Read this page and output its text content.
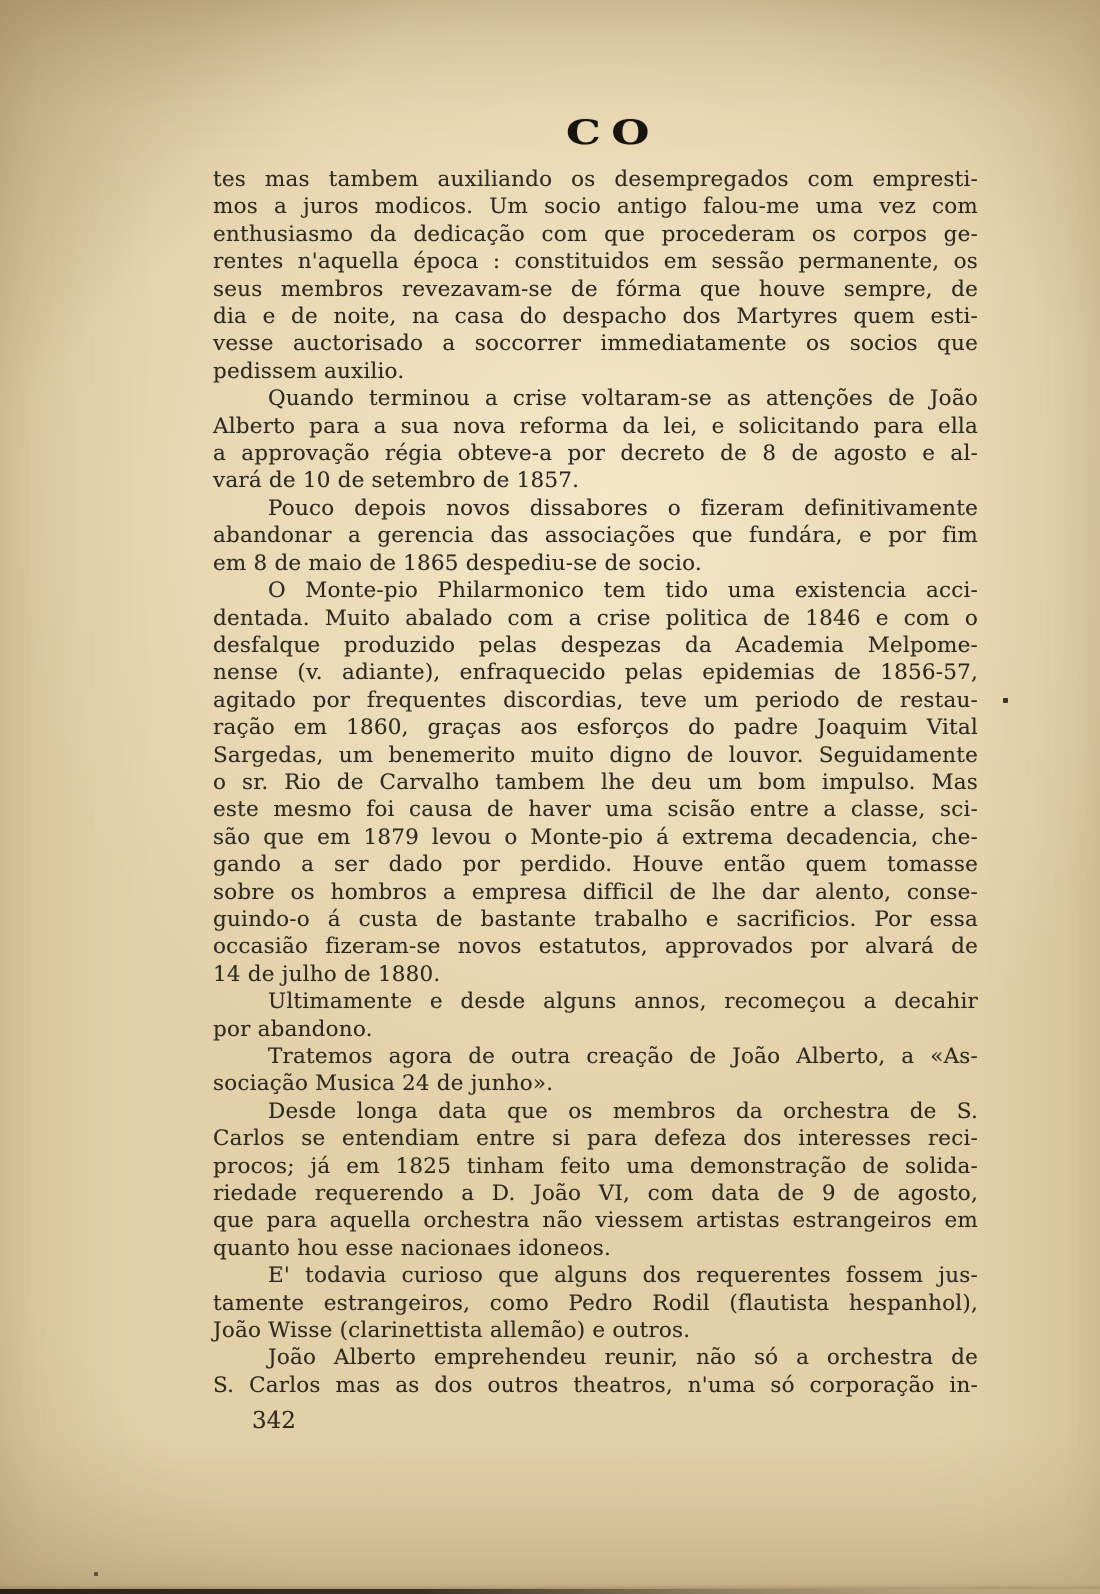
CO
tes mas tambem auxiliando os desempregados com empresti-
mos a juros modicos. Um socio antigo falou-me uma vez com
enthusiasmo da dedicação com que procederam os corpos ge-
rentes n'aquella época : constituidos em sessão permanente, os
seus membros revezavam-se de fórma que houve sempre, de
dia e de noite, na casa do despacho dos Martyres quem esti-
vesse auctorisado a soccorrer immediatamente os socios que
pedissem auxilio.
Quando terminou a crise voltaram-se as attenções de João
Alberto para a sua nova reforma da lei, e solicitando para ella
a approvação régia obteve-a por decreto de 8 de agosto e al-
vará de 10 de setembro de 1857.
Pouco depois novos dissabores o fizeram definitivamente
abandonar a gerencia das associações que fundára, e por fim
em 8 de maio de 1865 despediu-se de socio.
O Monte-pio Philarmonico tem tido uma existencia acci-
dentada. Muito abalado com a crise politica de 1846 e com o
desfalque produzido pelas despezas da Academia Melpome-
nense (v. adiante), enfraquecido pelas epidemias de 1856-57,
agitado por frequentes discordias, teve um periodo de restau-
ração em 1860, graças aos esforços do padre Joaquim Vital
Sargedas, um benemerito muito digno de louvor. Seguidamente
o sr. Rio de Carvalho tambem lhe deu um bom impulso. Mas
este mesmo foi causa de haver uma scisão entre a classe, sci-
são que em 1879 levou o Monte-pio á extrema decadencia, che-
gando a ser dado por perdido. Houve então quem tomasse
sobre os hombros a empresa difficil de lhe dar alento, conse-
guindo-o á custa de bastante trabalho e sacrificios. Por essa
occasião fizeram-se novos estatutos, approvados por alvará de
14 de julho de 1880.
Ultimamente e desde alguns annos, recomeçou a decahir
por abandono.
Tratemos agora de outra creação de João Alberto, a «As-
sociação Musica 24 de junho».
Desde longa data que os membros da orchestra de S.
Carlos se entendiam entre si para defeza dos interesses reci-
procos; já em 1825 tinham feito uma demonstração de solida-
riedade requerendo a D. João VI, com data de 9 de agosto,
que para aquella orchestra não viessem artistas estrangeiros em
quanto hou esse nacionaes idoneos.
E' todavia curioso que alguns dos requerentes fossem jus-
tamente estrangeiros, como Pedro Rodil (flautista hespanhol),
João Wisse (clarinettista allemão) e outros.
João Alberto emprehendeu reunir, não só a orchestra de
S. Carlos mas as dos outros theatros, n'uma só corporação in-
342
